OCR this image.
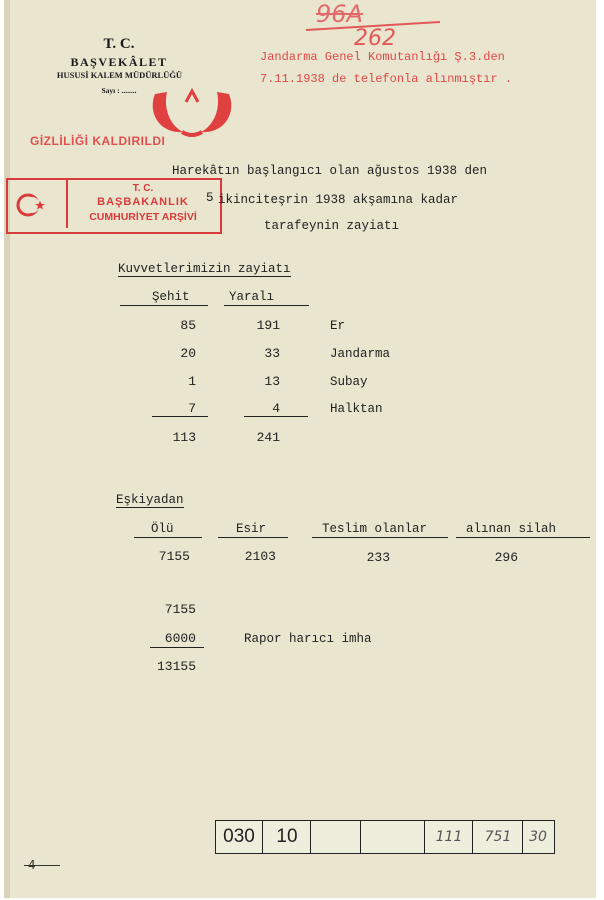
T. C.
BAŞVEKÂLET
HUSUSİ KALEM MÜDÜRLÜĞÜ
Sayı : ........
96A
262
Jandarma Genel Komutanlığı Ş.3.den
7.11.1938 de telefonla alınmıştır .
GİZLİLİĞİ KALDIRILDI
T. C.
BAŞBAKANLIK
CUMHURİYET ARŞİVİ
Harekâtın başlangıcı olan ağustos 1938 den
5 ikinciteşrin 1938 akşamına kadar
tarafeynin zayiatı
Kuvvetlerimizin zayiatı
Şehit	Yaralı
85	191	Er
20	33	Jandarma
1	13	Subay
7	4	Halktan
113	241
Eşkiyadan
Ölü	Esir	Teslim olanlar	alınan silah
7155	2103	233	296
7155
6000	Rapor harıcı imha
13155
030	10	111	751	30
4
